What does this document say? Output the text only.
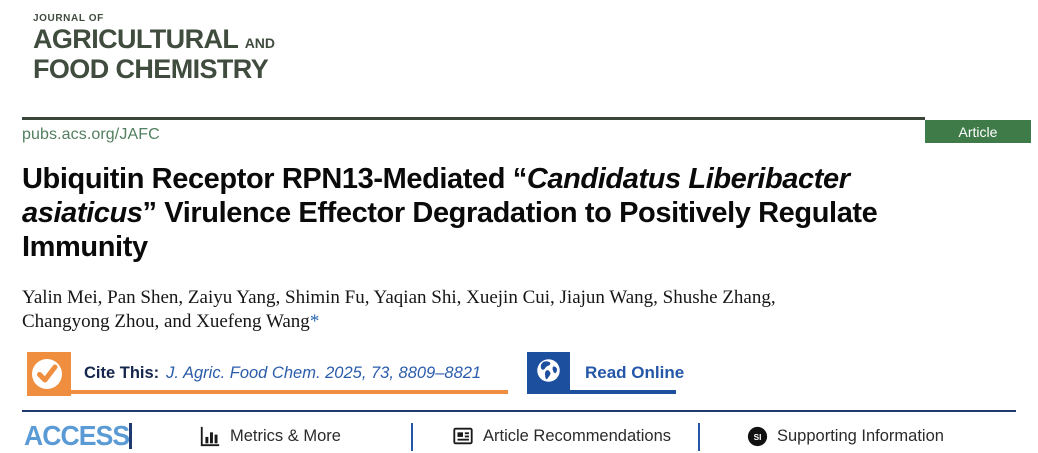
JOURNAL OF
AGRICULTURAL AND
FOOD CHEMISTRY
pubs.acs.org/JAFC	Article
Ubiquitin Receptor RPN13-Mediated “Candidatus Liberibacter asiaticus” Virulence Effector Degradation to Positively Regulate Immunity
Yalin Mei, Pan Shen, Zaiyu Yang, Shimin Fu, Yaqian Shi, Xuejin Cui, Jiajun Wang, Shushe Zhang,
Changyong Zhou, and Xuefeng Wang*
Cite This: J. Agric. Food Chem. 2025, 73, 8809–8821	Read Online
ACCESS	Metrics & More	Article Recommendations	SI Supporting Information
